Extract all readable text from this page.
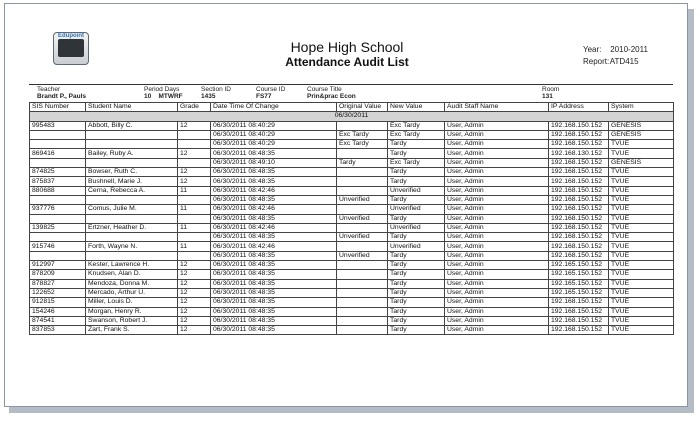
Edupoint
Hope High School
Attendance Audit List
Year: 2010-2011
Report: ATD415
Teacher
Brandt P., Pauls
Period Days
10    MTWRF
Section ID
1435
Course ID
FS77
Course Title
Prin&prac Econ
Room
131
SIS Number	Student Name	Grade	Date Time Of Change	Original Value	New Value	Audit Staff Name	IP Address	System
06/30/2011								
995483	Abbott, Billy C.	12	06/30/2011 08:40:29		Exc Tardy	User, Admin	192.168.150.152	GENESIS
			06/30/2011 08:40:29	Exc Tardy	Exc Tardy	User, Admin	192.168.150.152	GENESIS
			06/30/2011 08:40:29	Exc Tardy	Tardy	User, Admin	192.168.150.152	TVUE
869416	Bailey, Ruby A.	12	06/30/2011 08:48:35		Tardy	User, Admin	192.168.130.152	TVUE
			06/30/2011 08:49:10	Tardy	Exc Tardy	User, Admin	192.168.150.152	GENESIS
874825	Bowser, Ruth C.	12	06/30/2011 08:48:35		Tardy	User, Admin	192.168.150.152	TVUE
875837	Bushnell, Marie J.	12	06/30/2011 08:48:35		Tardy	User, Admin	192.168.150.152	TVUE
880688	Cerna, Rebecca A.	11	06/30/2011 08:42:46		Unverified	User, Admin	192.168.150.152	TVUE
			06/30/2011 08:48:35	Unverified	Tardy	User, Admin	192.168.150.152	TVUE
937776	Comus, Julie M.	11	06/30/2011 08:42:46		Unverified	User, Admin	192.168.150.152	TVUE
			06/30/2011 08:48:35	Unverified	Tardy	User, Admin	192.168.150.152	TVUE
139825	Ertzner, Heather D.	11	06/30/2011 08:42:46		Unverified	User, Admin	192.168.150.152	TVUE
			06/30/2011 08:48:35	Unverified	Tardy	User, Admin	192.168.150.152	TVUE
915746	Forth, Wayne N.	11	06/30/2011 08:42:46		Unverified	User, Admin	192.168.150.152	TVUE
			06/30/2011 08:48:35	Unverified	Tardy	User, Admin	192.168.150.152	TVUE
912997	Kester, Lawrence H.	12	06/30/2011 08:48:35		Tardy	User, Admin	192.165.150.152	TVUE
878209	Knudsen, Alan D.	12	06/30/2011 08:48:35		Tardy	User, Admin	192.165.150.152	TVUE
878827	Mendoza, Donna M.	12	06/30/2011 08:48:35		Tardy	User, Admin	192.165.150.152	TVUE
122652	Mercado, Arthur U.	12	06/30/2011 08:48:35		Tardy	User, Admin	192.165.150.152	TVUE
912815	Miller, Louis D.	12	06/30/2011 08:48:35		Tardy	User, Admin	192.168.150.152	TVUE
154246	Morgan, Henry R.	12	06/30/2011 08:48:35		Tardy	User, Admin	192.168.150.152	TVUE
874541	Swanson, Robert J.	12	06/30/2011 08:48:35		Tardy	User, Admin	192.168.150.152	TVUE
837853	Zart, Frank S.	12	06/30/2011 08:48:35		Tardy	User, Admin	192.168.150.152	TVUE
